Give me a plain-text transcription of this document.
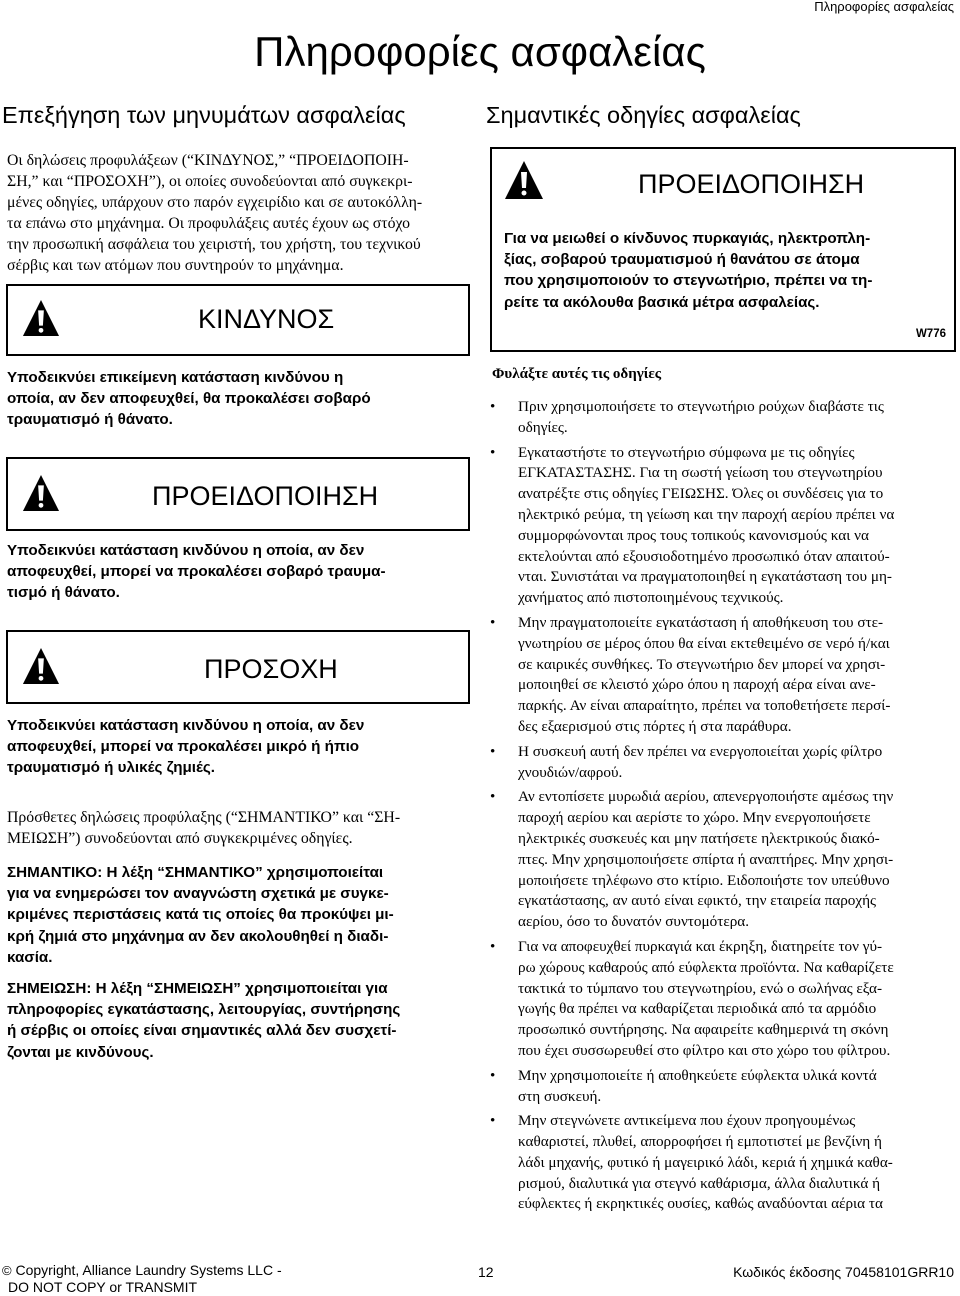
Πληροφορίες ασφαλείας
Πληροφορίες ασφαλείας
Επεξήγηση των μηνυμάτων ασφαλείας
Οι δηλώσεις προφυλάξεων (“ΚΙΝΔΥΝΟΣ,” “ΠΡΟΕΙΔΟΠΟΙΗ-
ΣΗ,” και “ΠΡΟΣΟΧΗ”), οι οποίες συνοδεύονται από συγκεκρι-
μένες οδηγίες, υπάρχουν στο παρόν εγχειρίδιο και σε αυτοκόλλη-
τα επάνω στο μηχάνημα. Οι προφυλάξεις αυτές έχουν ως στόχο
την προσωπική ασφάλεια του χειριστή, του χρήστη, του τεχνικού
σέρβις και των ατόμων που συντηρούν το μηχάνημα.
ΚΙΝΔΥΝΟΣ
Υποδεικνύει επικείμενη κατάσταση κινδύνου η
οποία, αν δεν αποφευχθεί, θα προκαλέσει σοβαρό
τραυματισμό ή θάνατο.
ΠΡΟΕΙΔΟΠΟΙΗΣΗ
Υποδεικνύει κατάσταση κινδύνου η οποία, αν δεν
αποφευχθεί, μπορεί να προκαλέσει σοβαρό τραυμα-
τισμό ή θάνατο.
ΠΡΟΣΟΧΗ
Υποδεικνύει κατάσταση κινδύνου η οποία, αν δεν
αποφευχθεί, μπορεί να προκαλέσει μικρό ή ήπιο
τραυματισμό ή υλικές ζημιές.
Πρόσθετες δηλώσεις προφύλαξης (“ΣΗΜΑΝΤΙΚΟ” και “ΣΗ-
ΜΕΙΩΣΗ”) συνοδεύονται από συγκεκριμένες οδηγίες.
ΣΗΜΑΝΤΙΚΟ: Η λέξη “ΣΗΜΑΝΤΙΚΟ” χρησιμοποιείται
για να ενημερώσει τον αναγνώστη σχετικά με συγκε-
κριμένες περιστάσεις κατά τις οποίες θα προκύψει μι-
κρή ζημιά στο μηχάνημα αν δεν ακολουθηθεί η διαδι-
κασία.
ΣΗΜΕΙΩΣΗ: Η λέξη “ΣΗΜΕΙΩΣΗ” χρησιμοποιείται για
πληροφορίες εγκατάστασης, λειτουργίας, συντήρησης
ή σέρβις οι οποίες είναι σημαντικές αλλά δεν συσχετί-
ζονται με κινδύνους.
Σημαντικές οδηγίες ασφαλείας
ΠΡΟΕΙΔΟΠΟΙΗΣΗ
Για να μειωθεί ο κίνδυνος πυρκαγιάς, ηλεκτροπλη-
ξίας, σοβαρού τραυματισμού ή θανάτου σε άτομα
που χρησιμοποιούν το στεγνωτήριο, πρέπει να τη-
ρείτε τα ακόλουθα βασικά μέτρα ασφαλείας.
W776
Φυλάξτε αυτές τις οδηγίες
• Πριν χρησιμοποιήσετε το στεγνωτήριο ρούχων διαβάστε τις
οδηγίες.
• Εγκαταστήστε το στεγνωτήριο σύμφωνα με τις οδηγίες
ΕΓΚΑΤΑΣΤΑΣΗΣ. Για τη σωστή γείωση του στεγνωτηρίου
ανατρέξτε στις οδηγίες ΓΕΙΩΣΗΣ. Όλες οι συνδέσεις για το
ηλεκτρικό ρεύμα, τη γείωση και την παροχή αερίου πρέπει να
συμμορφώνονται προς τους τοπικούς κανονισμούς και να
εκτελούνται από εξουσιοδοτημένο προσωπικό όταν απαιτού-
νται. Συνιστάται να πραγματοποιηθεί η εγκατάσταση του μη-
χανήματος από πιστοποιημένους τεχνικούς.
• Μην πραγματοποιείτε εγκατάσταση ή αποθήκευση του στε-
γνωτηρίου σε μέρος όπου θα είναι εκτεθειμένο σε νερό ή/και
σε καιρικές συνθήκες. Το στεγνωτήριο δεν μπορεί να χρησι-
μοποιηθεί σε κλειστό χώρο όπου η παροχή αέρα είναι ανε-
παρκής. Αν είναι απαραίτητο, πρέπει να τοποθετήσετε περσί-
δες εξαερισμού στις πόρτες ή στα παράθυρα.
• Η συσκευή αυτή δεν πρέπει να ενεργοποιείται χωρίς φίλτρο
χνουδιών/αφρού.
• Αν εντοπίσετε μυρωδιά αερίου, απενεργοποιήστε αμέσως την
παροχή αερίου και αερίστε το χώρο. Μην ενεργοποιήσετε
ηλεκτρικές συσκευές και μην πατήσετε ηλεκτρικούς διακό-
πτες. Μην χρησιμοποιήσετε σπίρτα ή αναπτήρες. Μην χρησι-
μοποιήσετε τηλέφωνο στο κτίριο. Ειδοποιήστε τον υπεύθυνο
εγκατάστασης, αν αυτό είναι εφικτό, την εταιρεία παροχής
αερίου, όσο το δυνατόν συντομότερα.
• Για να αποφευχθεί πυρκαγιά και έκρηξη, διατηρείτε τον γύ-
ρω χώρους καθαρούς από εύφλεκτα προϊόντα. Να καθαρίζετε
τακτικά το τύμπανο του στεγνωτηρίου, ενώ ο σωλήνας εξα-
γωγής θα πρέπει να καθαρίζεται περιοδικά από τα αρμόδιο
προσωπικό συντήρησης. Να αφαιρείτε καθημερινά τη σκόνη
που έχει συσσωρευθεί στο φίλτρο και στο χώρο του φίλτρου.
• Μην χρησιμοποιείτε ή αποθηκεύετε εύφλεκτα υλικά κοντά
στη συσκευή.
• Μην στεγνώνετε αντικείμενα που έχουν προηγουμένως
καθαριστεί, πλυθεί, απορροφήσει ή εμποτιστεί με βενζίνη ή
λάδι μηχανής, φυτικό ή μαγειρικό λάδι, κεριά ή χημικά καθα-
ρισμού, διαλυτικά για στεγνό καθάρισμα, άλλα διαλυτικά ή
εύφλεκτες ή εκρηκτικές ουσίες, καθώς αναδύονται αέρια τα
© Copyright, Alliance Laundry Systems LLC -
DO NOT COPY or TRANSMIT
12	Κωδικός έκδοσης 70458101GRR10
